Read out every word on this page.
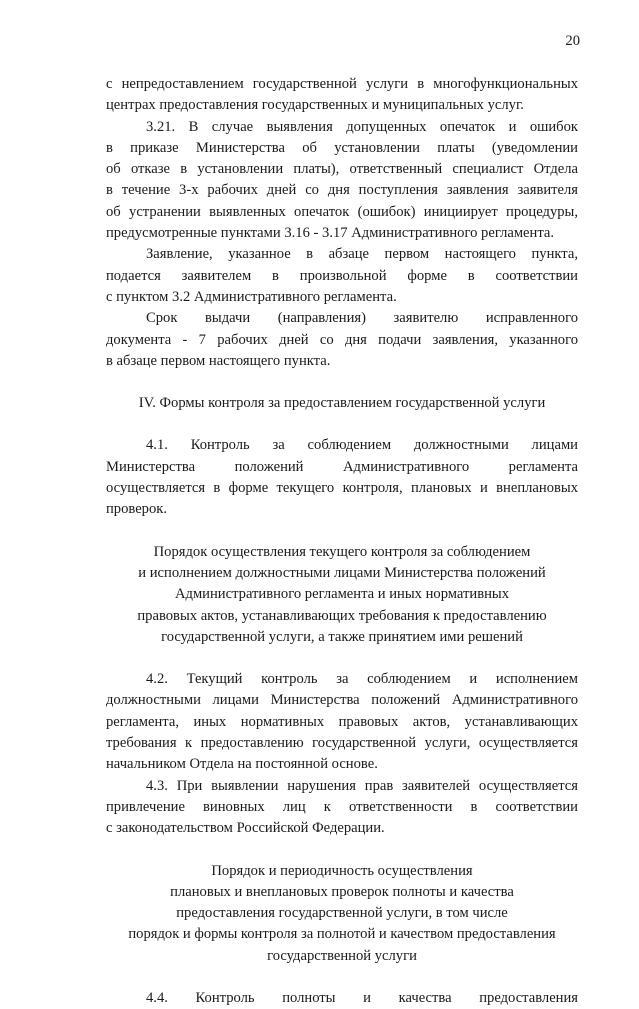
20
с непредоставлением государственной услуги в многофункциональных
центрах предоставления государственных и муниципальных услуг.
3.21. В случае выявления допущенных опечаток и ошибок
в приказе Министерства об установлении платы (уведомлении
об отказе в установлении платы), ответственный специалист Отдела
в течение 3-х рабочих дней со дня поступления заявления заявителя
об устранении выявленных опечаток (ошибок) инициирует процедуры,
предусмотренные пунктами 3.16 - 3.17 Административного регламента.
Заявление, указанное в абзаце первом настоящего пункта,
подается заявителем в произвольной форме в соответствии
с пунктом 3.2 Административного регламента.
Срок выдачи (направления) заявителю исправленного
документа - 7 рабочих дней со дня подачи заявления, указанного
в абзаце первом настоящего пункта.
IV. Формы контроля за предоставлением государственной услуги
4.1. Контроль за соблюдением должностными лицами
Министерства положений Административного регламента
осуществляется в форме текущего контроля, плановых и внеплановых
проверок.
Порядок осуществления текущего контроля за соблюдением
и исполнением должностными лицами Министерства положений
Административного регламента и иных нормативных
правовых актов, устанавливающих требования к предоставлению
государственной услуги, а также принятием ими решений
4.2. Текущий контроль за соблюдением и исполнением
должностными лицами Министерства положений Административного
регламента, иных нормативных правовых актов, устанавливающих
требования к предоставлению государственной услуги, осуществляется
начальником Отдела на постоянной основе.
4.3. При выявлении нарушения прав заявителей осуществляется
привлечение виновных лиц к ответственности в соответствии
с законодательством Российской Федерации.
Порядок и периодичность осуществления
плановых и внеплановых проверок полноты и качества
предоставления государственной услуги, в том числе
порядок и формы контроля за полнотой и качеством предоставления
государственной услуги
4.4. Контроль полноты и качества предоставления
